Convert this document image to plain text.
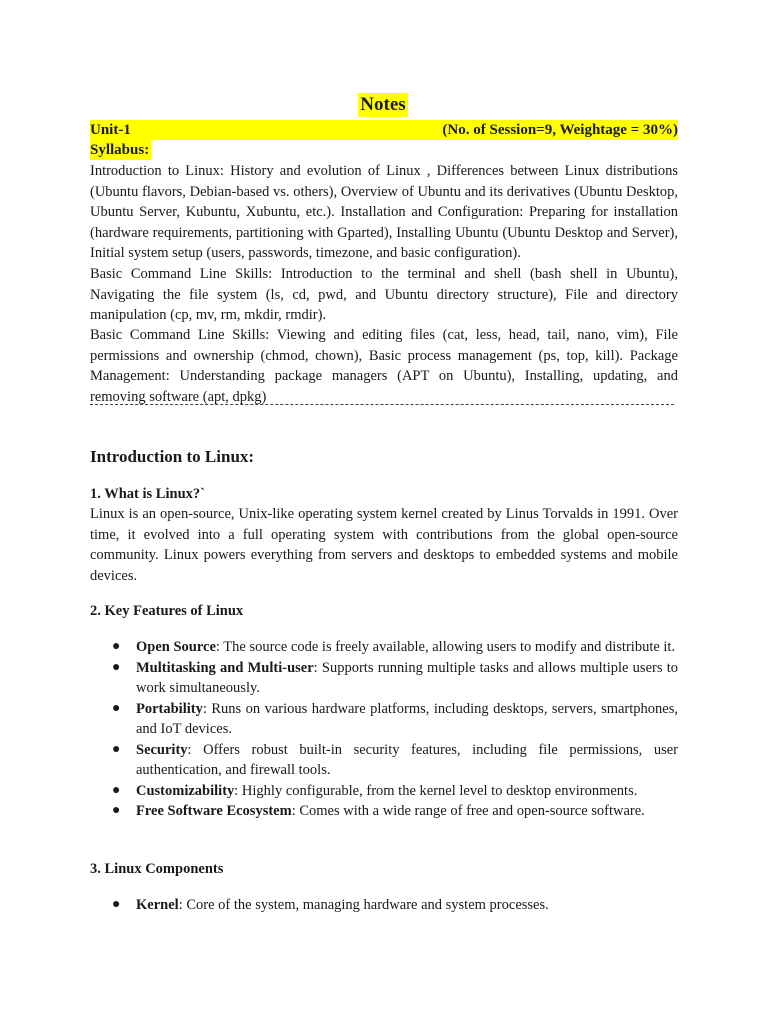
Notes
Unit-1	(No. of Session=9, Weightage = 30%)
Syllabus:
Introduction to Linux: History and evolution of Linux , Differences between Linux distributions (Ubuntu flavors, Debian-based vs. others), Overview of Ubuntu and its derivatives (Ubuntu Desktop, Ubuntu Server, Kubuntu, Xubuntu, etc.). Installation and Configuration: Preparing for installation (hardware requirements, partitioning with Gparted), Installing Ubuntu (Ubuntu Desktop and Server), Initial system setup (users, passwords, timezone, and basic configuration).
Basic Command Line Skills: Introduction to the terminal and shell (bash shell in Ubuntu), Navigating the file system (ls, cd, pwd, and Ubuntu directory structure), File and directory manipulation (cp, mv, rm, mkdir, rmdir).
Basic Command Line Skills: Viewing and editing files (cat, less, head, tail, nano, vim), File permissions and ownership (chmod, chown), Basic process management (ps, top, kill). Package Management: Understanding package managers (APT on Ubuntu), Installing, updating, and removing software (apt, dpkg)
Introduction to Linux:
1. What is Linux?`
Linux is an open-source, Unix-like operating system kernel created by Linus Torvalds in 1991. Over time, it evolved into a full operating system with contributions from the global open-source community. Linux powers everything from servers and desktops to embedded systems and mobile devices.
2. Key Features of Linux
● Open Source: The source code is freely available, allowing users to modify and distribute it.
● Multitasking and Multi-user: Supports running multiple tasks and allows multiple users to work simultaneously.
● Portability: Runs on various hardware platforms, including desktops, servers, smartphones, and IoT devices.
● Security: Offers robust built-in security features, including file permissions, user authentication, and firewall tools.
● Customizability: Highly configurable, from the kernel level to desktop environments.
● Free Software Ecosystem: Comes with a wide range of free and open-source software.
3. Linux Components
● Kernel: Core of the system, managing hardware and system processes.
